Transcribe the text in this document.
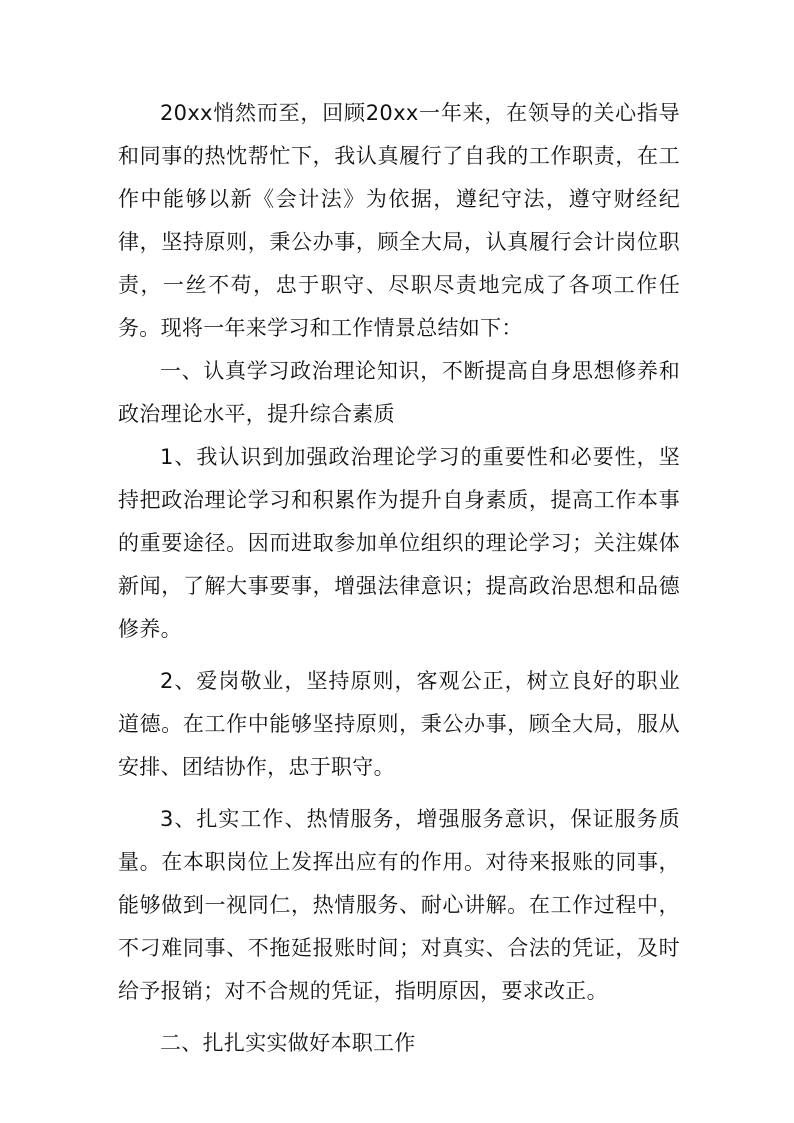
20xx悄然而至，回顾20xx一年来，在领导的关心指导和同事的热忱帮忙下，我认真履行了自我的工作职责，在工作中能够以新《会计法》为依据，遵纪守法，遵守财经纪律，坚持原则，秉公办事，顾全大局，认真履行会计岗位职责，一丝不苟，忠于职守、尽职尽责地完成了各项工作任务。现将一年来学习和工作情景总结如下：

一、认真学习政治理论知识，不断提高自身思想修养和政治理论水平，提升综合素质

1、我认识到加强政治理论学习的重要性和必要性，坚持把政治理论学习和积累作为提升自身素质，提高工作本事的重要途径。因而进取参加单位组织的理论学习；关注媒体新闻，了解大事要事，增强法律意识；提高政治思想和品德修养。

2、爱岗敬业，坚持原则，客观公正，树立良好的职业道德。在工作中能够坚持原则，秉公办事，顾全大局，服从安排、团结协作，忠于职守。

3、扎实工作、热情服务，增强服务意识，保证服务质量。在本职岗位上发挥出应有的作用。对待来报账的同事，能够做到一视同仁，热情服务、耐心讲解。在工作过程中，不刁难同事、不拖延报账时间；对真实、合法的凭证，及时给予报销；对不合规的凭证，指明原因，要求改正。

二、扎扎实实做好本职工作
